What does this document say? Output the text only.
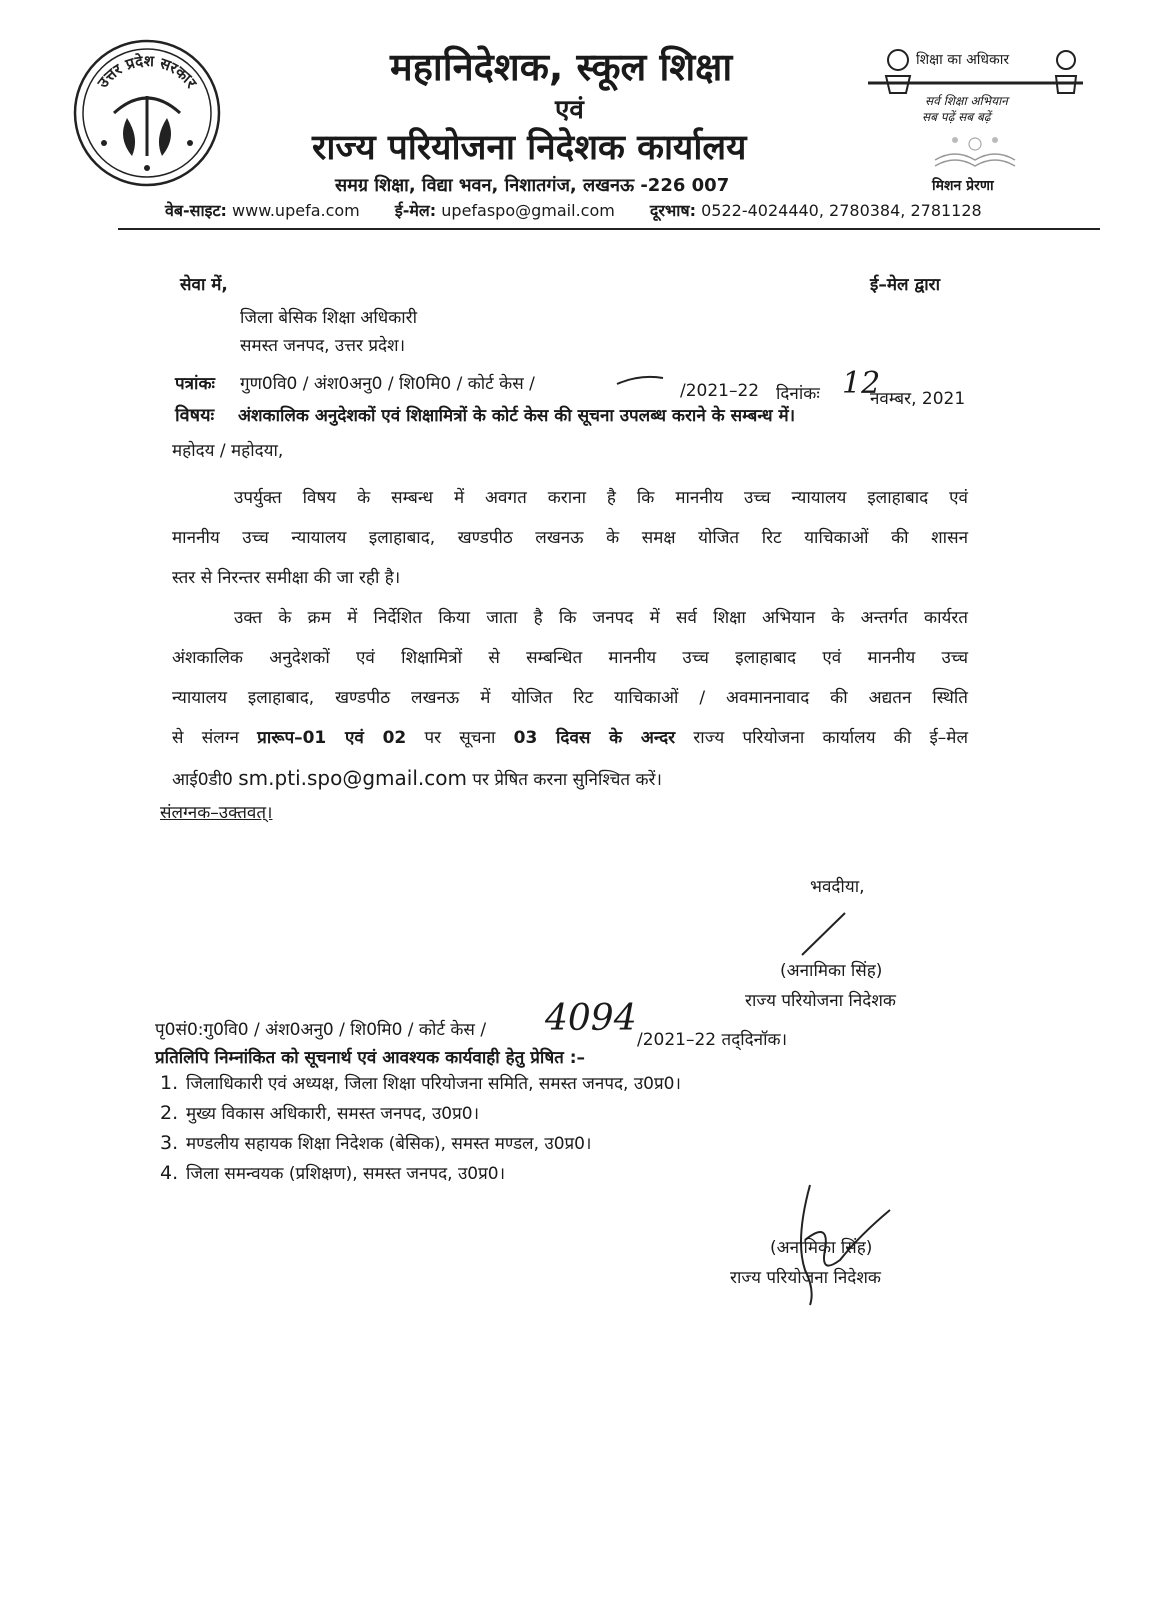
उत्तर प्रदेश सरकार	महानिदेशक, स्कूल शिक्षा
एवं
राज्य परियोजना निदेशक कार्यालय
समग्र शिक्षा, विद्या भवन, निशातगंज, लखनऊ -226 007
शिक्षा का अधिकार
सर्व शिक्षा अभियान
सब पढ़ें सब बढ़ें
मिशन प्रेरणा
वेब-साइट: www.upefa.com ई-मेल: upefaspo@gmail.com दूरभाष: 0522-4024440, 2780384, 2781128
सेवा में,	ई–मेल द्वारा
जिला बेसिक शिक्षा अधिकारी
समस्त जनपद, उत्तर प्रदेश।
पत्रांकः गुण0वि0 / अंश0अनु0 / शि0मि0 / कोर्ट केस /	/2021–22 दिनांकः 12
नवम्बर, 2021
विषयः अंशकालिक अनुदेशकों एवं शिक्षामित्रों के कोर्ट केस की सूचना उपलब्ध कराने के सम्बन्ध में।
महोदय / महोदया,
उपर्युक्त विषय के सम्बन्ध में अवगत कराना है कि माननीय उच्च न्यायालय इलाहाबाद एवं
माननीय उच्च न्यायालय इलाहाबाद, खण्डपीठ लखनऊ के समक्ष योजित रिट याचिकाओं की शासन
स्तर से निरन्तर समीक्षा की जा रही है।
उक्त के क्रम में निर्देशित किया जाता है कि जनपद में सर्व शिक्षा अभियान के अन्तर्गत कार्यरत
अंशकालिक अनुदेशकों एवं शिक्षामित्रों से सम्बन्धित माननीय उच्च इलाहाबाद एवं माननीय उच्च
न्यायालय इलाहाबाद, खण्डपीठ लखनऊ में योजित रिट याचिकाओं / अवमाननावाद की अद्यतन स्थिति
से संलग्न प्रारूप–01 एवं 02 पर सूचना 03 दिवस के अन्दर राज्य परियोजना कार्यालय की ई–मेल
आई0डी0 sm.pti.spo@gmail.com पर प्रेषित करना सुनिश्चित करें।
संलग्नक–उक्तवत्।
भवदीया,
(अनामिका सिंह)
राज्य परियोजना निदेशक
पृ0सं0:गु0वि0 / अंश0अनु0 / शि0मि0 / कोर्ट केस / 4094
/2021–22 तद्‌दिनॉक।
प्रतिलिपि निम्नांकित को सूचनार्थ एवं आवश्यक कार्यवाही हेतु प्रेषित :–
1. जिलाधिकारी एवं अध्यक्ष, जिला शिक्षा परियोजना समिति, समस्त जनपद, उ0प्र0।
2. मुख्य विकास अधिकारी, समस्त जनपद, उ0प्र0।
3. मण्डलीय सहायक शिक्षा निदेशक (बेसिक), समस्त मण्डल, उ0प्र0।
4. जिला समन्वयक (प्रशिक्षण), समस्त जनपद, उ0प्र0।
(अनामिका सिंह)
राज्य परियोजना निदेशक
